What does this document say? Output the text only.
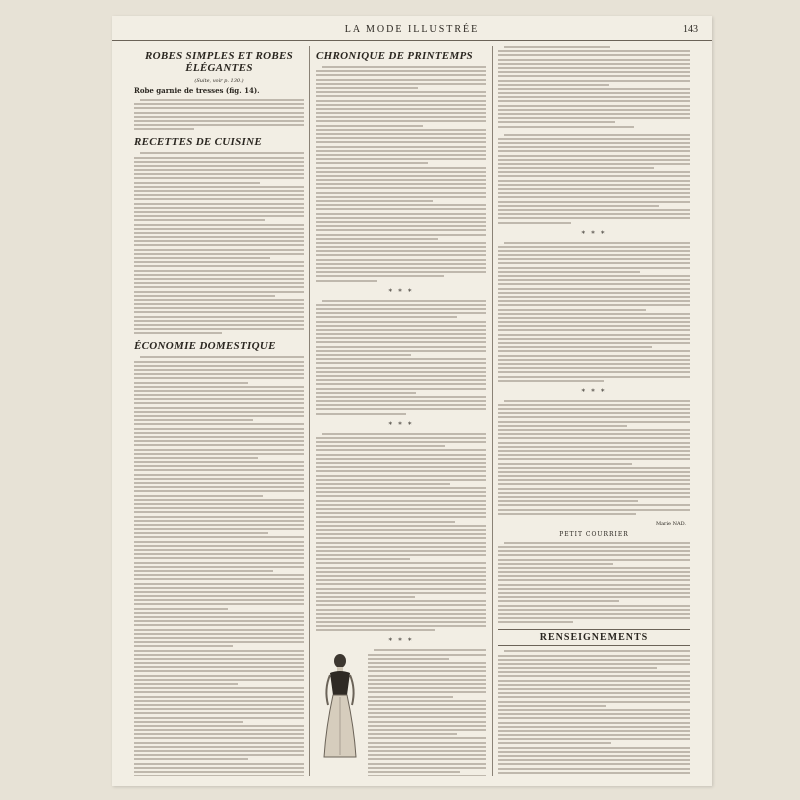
LA MODE ILLUSTRÉE	143
ROBES SIMPLES ET ROBES ÉLÉGANTES
(Suite, voir p. 130.)
Robe garnie de tresses (fig. 14).
RECETTES DE CUISINE
ÉCONOMIE DOMESTIQUE
CHRONIQUE DE PRINTEMPS
* * *
* * *
* * *
* * *
* * *
Marie NAD.
PETIT COURRIER
RENSEIGNEMENTS
